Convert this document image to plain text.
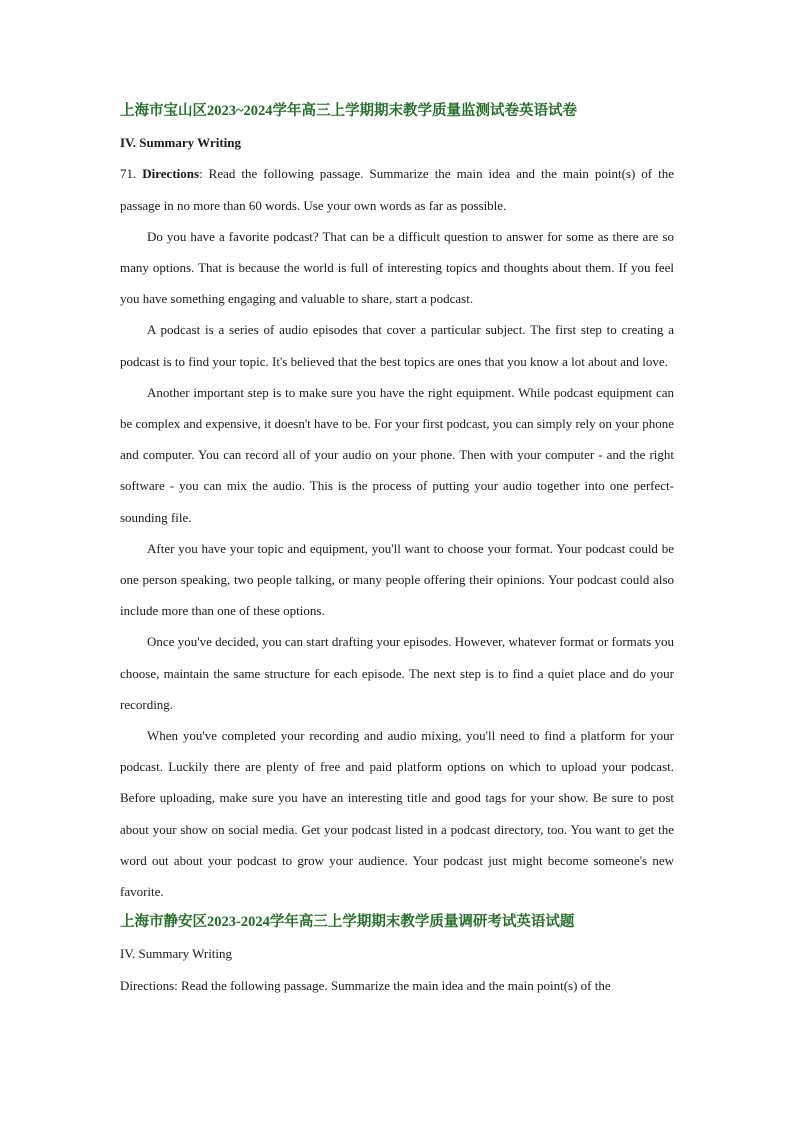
上海市宝山区2023~2024学年高三上学期期末教学质量监测试卷英语试卷
IV. Summary Writing

71. Directions: Read the following passage. Summarize the main idea and the main point(s) of the passage in no more than 60 words. Use your own words as far as possible.

Do you have a favorite podcast? That can be a difficult question to answer for some as there are so many options. That is because the world is full of interesting topics and thoughts about them. If you feel you have something engaging and valuable to share, start a podcast.

A podcast is a series of audio episodes that cover a particular subject. The first step to creating a podcast is to find your topic. It's believed that the best topics are ones that you know a lot about and love.

Another important step is to make sure you have the right equipment. While podcast equipment can be complex and expensive, it doesn't have to be. For your first podcast, you can simply rely on your phone and computer. You can record all of your audio on your phone. Then with your computer - and the right software - you can mix the audio. This is the process of putting your audio together into one perfect-sounding file.

After you have your topic and equipment, you'll want to choose your format. Your podcast could be one person speaking, two people talking, or many people offering their opinions. Your podcast could also include more than one of these options.

Once you've decided, you can start drafting your episodes. However, whatever format or formats you choose, maintain the same structure for each episode. The next step is to find a quiet place and do your recording.

When you've completed your recording and audio mixing, you'll need to find a platform for your podcast. Luckily there are plenty of free and paid platform options on which to upload your podcast. Before uploading, make sure you have an interesting title and good tags for your show. Be sure to post about your show on social media. Get your podcast listed in a podcast directory, too. You want to get the word out about your podcast to grow your audience. Your podcast just might become someone's new favorite.

上海市静安区2023-2024学年高三上学期期末教学质量调研考试英语试题
IV. Summary Writing

Directions: Read the following passage. Summarize the main idea and the main point(s) of the
